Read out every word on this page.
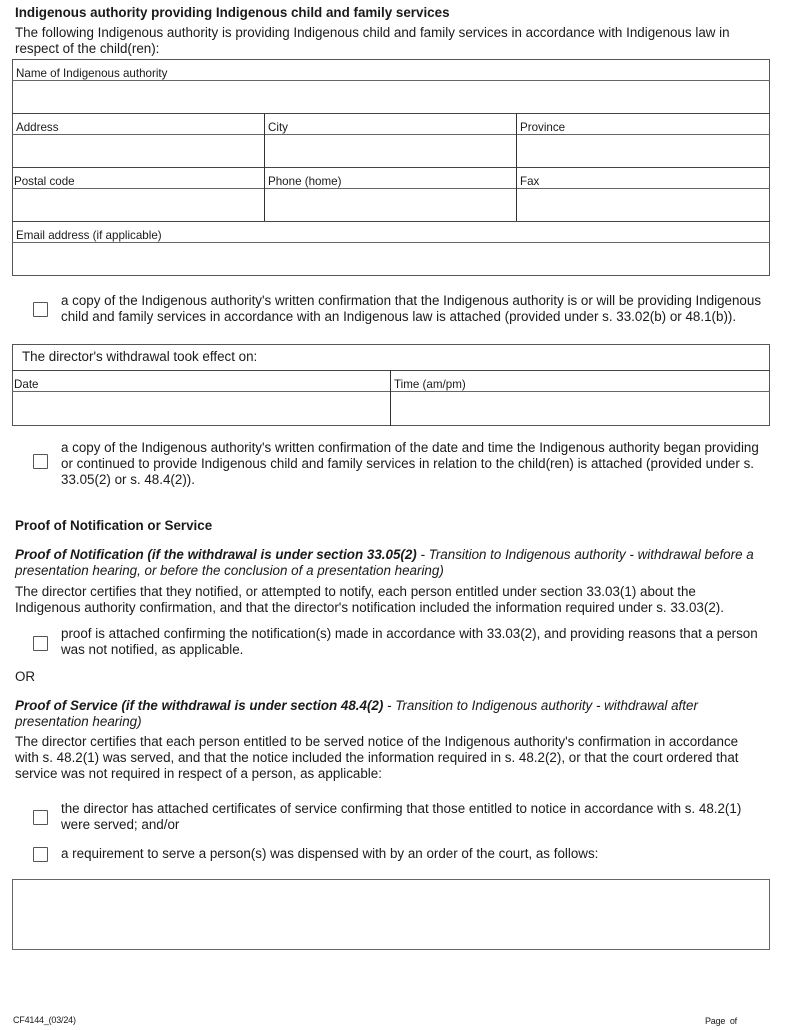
Indigenous authority providing Indigenous child and family services
The following Indigenous authority is providing Indigenous child and family services in accordance with Indigenous law in respect of the child(ren):
Name of Indigenous authority
Address	City	Province
Postal code	Phone (home)	Fax
Email address (if applicable)
a copy of the Indigenous authority's written confirmation that the Indigenous authority is or will be providing Indigenous child and family services in accordance with an Indigenous law is attached (provided under s. 33.02(b) or 48.1(b)).
The director's withdrawal took effect on:
Date	Time (am/pm)
a copy of the Indigenous authority's written confirmation of the date and time the Indigenous authority began providing or continued to provide Indigenous child and family services in relation to the child(ren) is attached (provided under s. 33.05(2) or s. 48.4(2)).
Proof of Notification or Service
Proof of Notification (if the withdrawal is under section 33.05(2) - Transition to Indigenous authority - withdrawal before a presentation hearing, or before the conclusion of a presentation hearing)
The director certifies that they notified, or attempted to notify, each person entitled under section 33.03(1) about the Indigenous authority confirmation, and that the director's notification included the information required under s. 33.03(2).
proof is attached confirming the notification(s) made in accordance with 33.03(2), and providing reasons that a person was not notified, as applicable.
OR
Proof of Service (if the withdrawal is under section 48.4(2) - Transition to Indigenous authority - withdrawal after presentation hearing)
The director certifies that each person entitled to be served notice of the Indigenous authority's confirmation in accordance with s. 48.2(1) was served, and that the notice included the information required in s. 48.2(2), or that the court ordered that service was not required in respect of a person, as applicable:
the director has attached certificates of service confirming that those entitled to notice in accordance with s. 48.2(1) were served; and/or
a requirement to serve a person(s) was dispensed with by an order of the court, as follows:
CF4144_(03/24)	Page  of
